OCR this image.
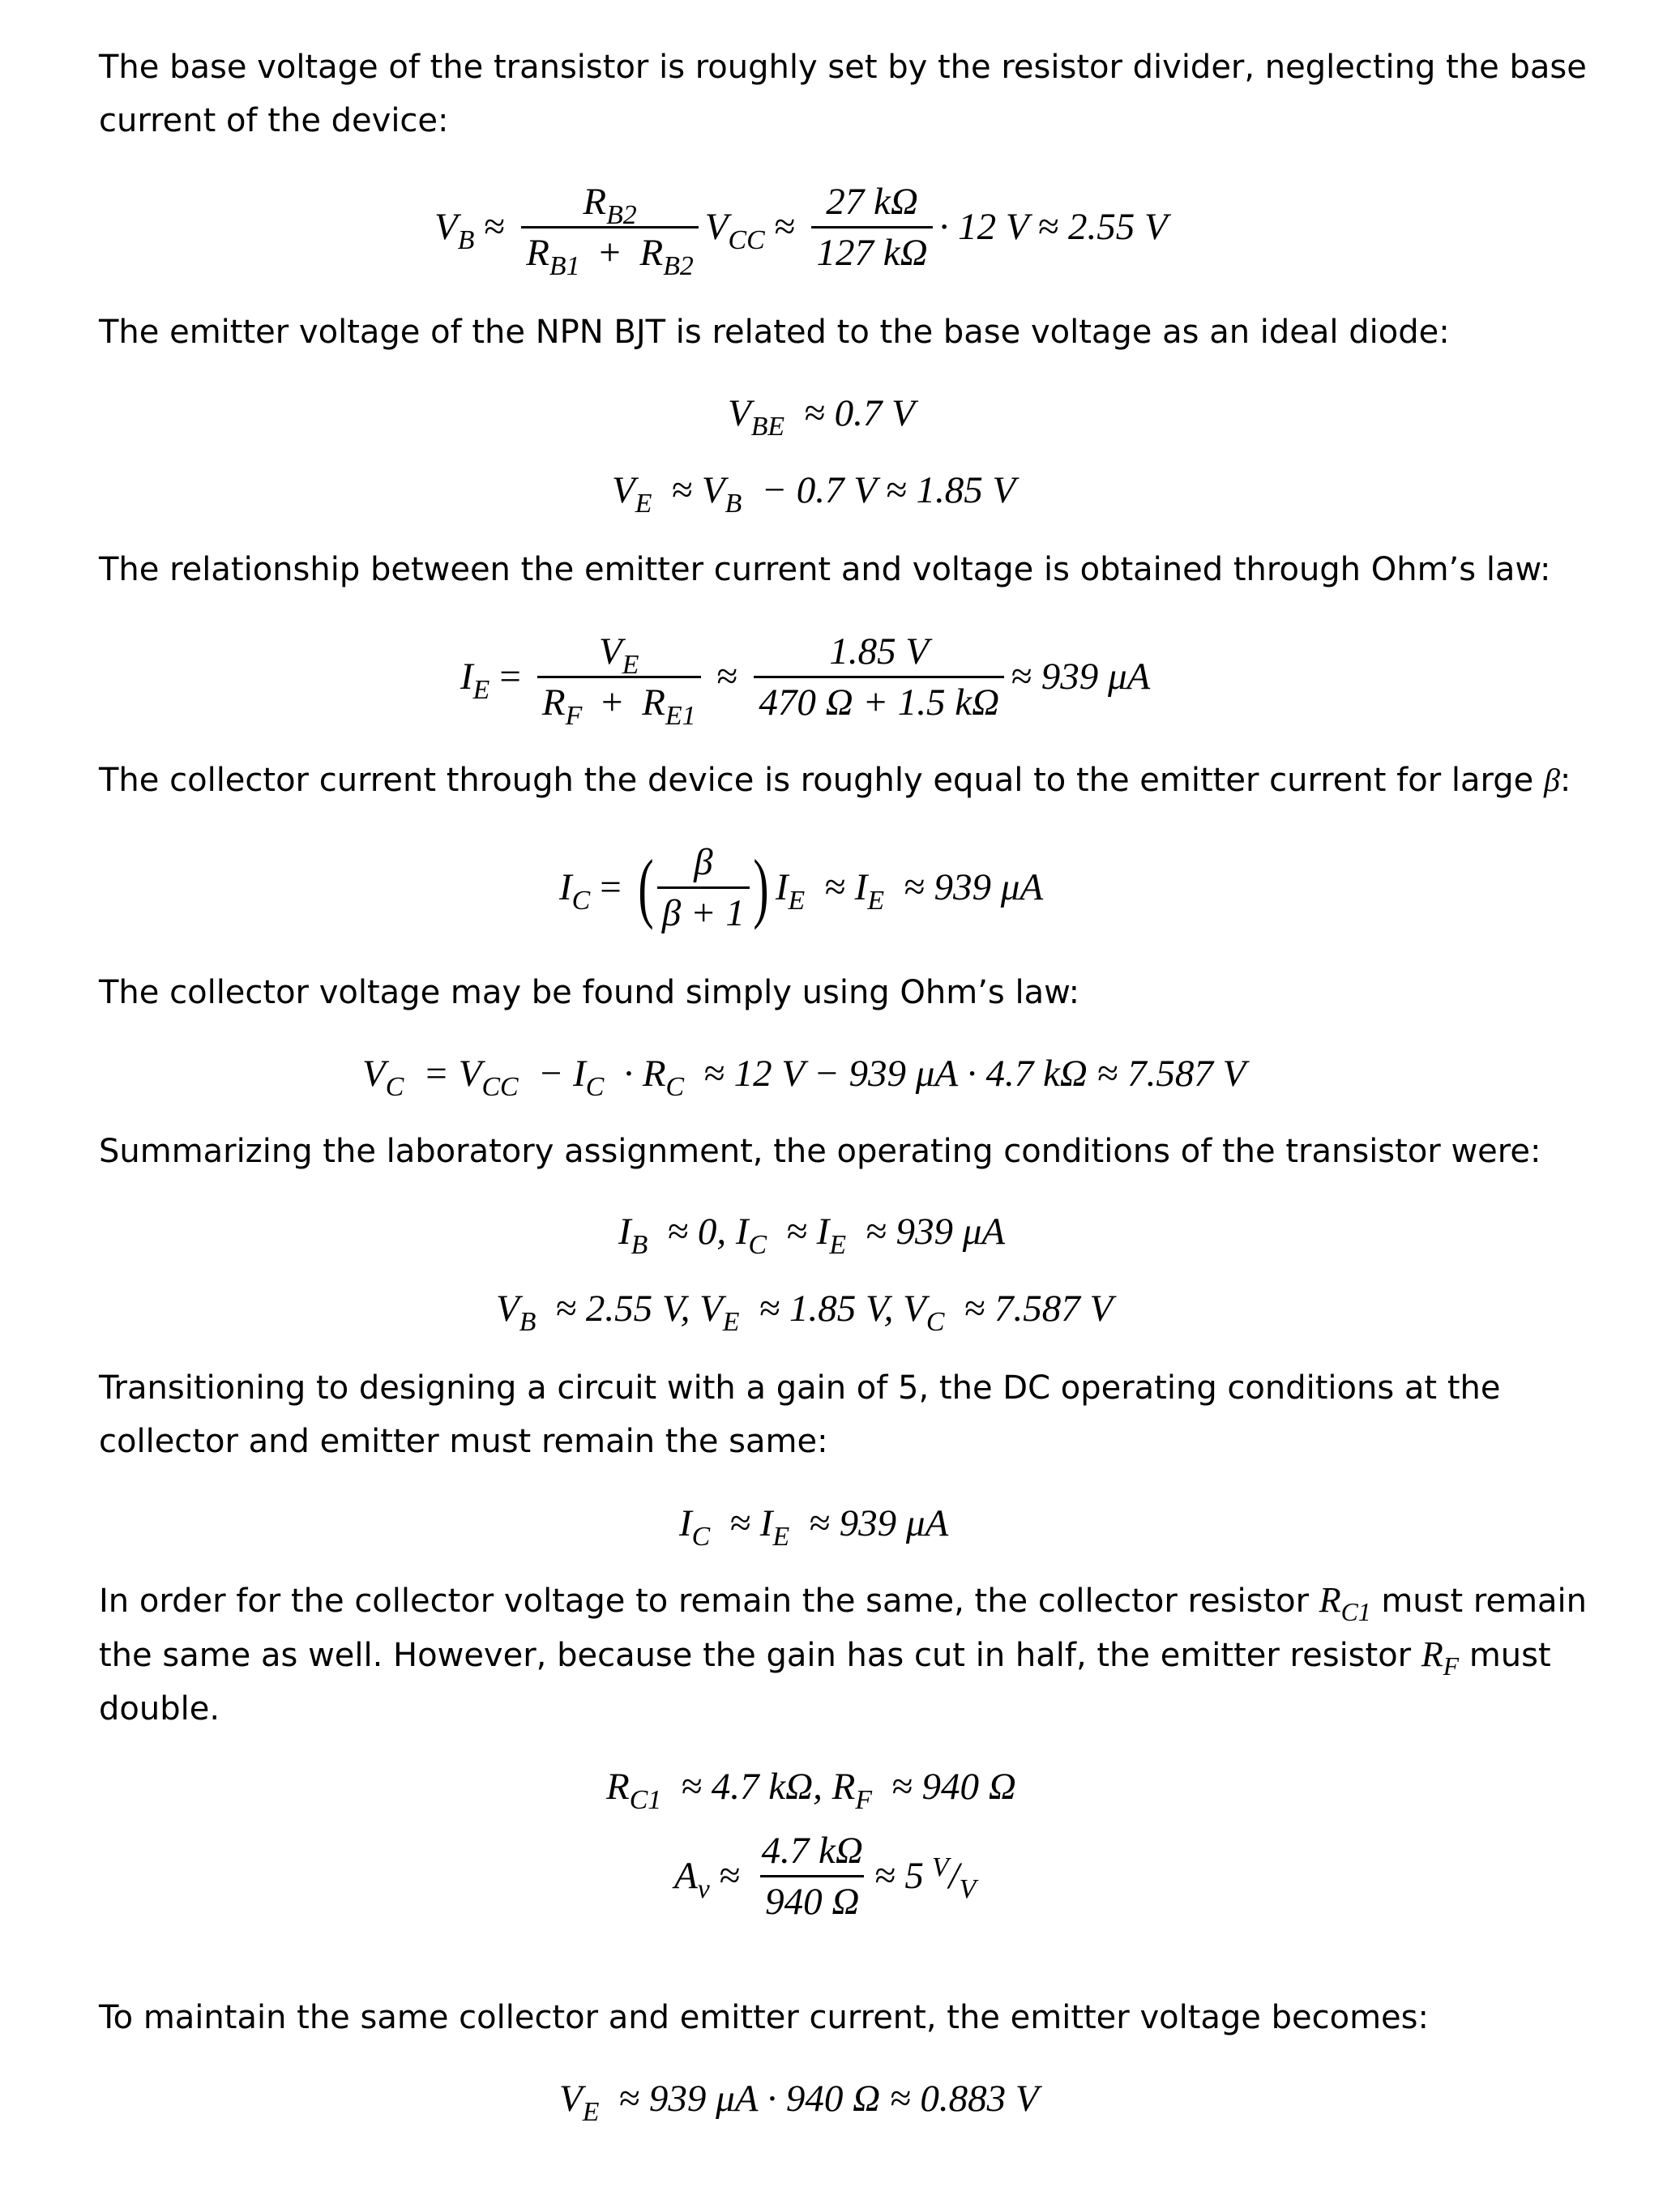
The base voltage of the transistor is roughly set by the resistor divider, neglecting the base current of the device:

$V_B \approx \frac{R_{B2}}{R_{B1} + R_{B2}} V_{CC} \approx \frac{27 k\Omega}{127 k\Omega} \cdot 12$ V ≈ 2.55 V

The emitter voltage of the NPN BJT is related to the base voltage as an ideal diode:

$V_{BE} \approx 0.7$ V
$V_E \approx V_B - 0.7$ V ≈ 1.85 V

The relationship between the emitter current and voltage is obtained through Ohm’s law:

$I_E = \frac{V_E}{R_F + R_{E1}} \approx \frac{1.85 V}{470 \Omega + 1.5 k\Omega} \approx 939$ μA

The collector current through the device is roughly equal to the emitter current for large β:

$I_C$ = ( $\frac{\beta}{\beta + 1}$ ) $I_E \approx I_E \approx 939$ μA

The collector voltage may be found simply using Ohm’s law:

$V_C = V_{CC} - I_C \cdot R_C \approx 12$ V − 939 μA · 4.7 kΩ ≈ 7.587 V

Summarizing the laboratory assignment, the operating conditions of the transistor were:

$I_B \approx 0$, $I_C \approx I_E \approx 939$ μA
$V_B \approx 2.55$ V, $V_E \approx 1.85$ V, $V_C \approx 7.587$ V

Transitioning to designing a circuit with a gain of 5, the DC operating conditions at the collector and emitter must remain the same:

$I_C \approx I_E \approx 939$ μA

In order for the collector voltage to remain the same, the collector resistor $R_{C1}$ must remain the same as well. However, because the gain has cut in half, the emitter resistor $R_F$ must double.

$R_{C1} \approx 4.7$ kΩ, $R_F \approx 940$ Ω
$A_v \approx \frac{4.7 k\Omega}{940 \Omega} \approx 5$ $^V/_V$

To maintain the same collector and emitter current, the emitter voltage becomes:

$V_E \approx 939$ μA · 940 Ω ≈ 0.883 V
